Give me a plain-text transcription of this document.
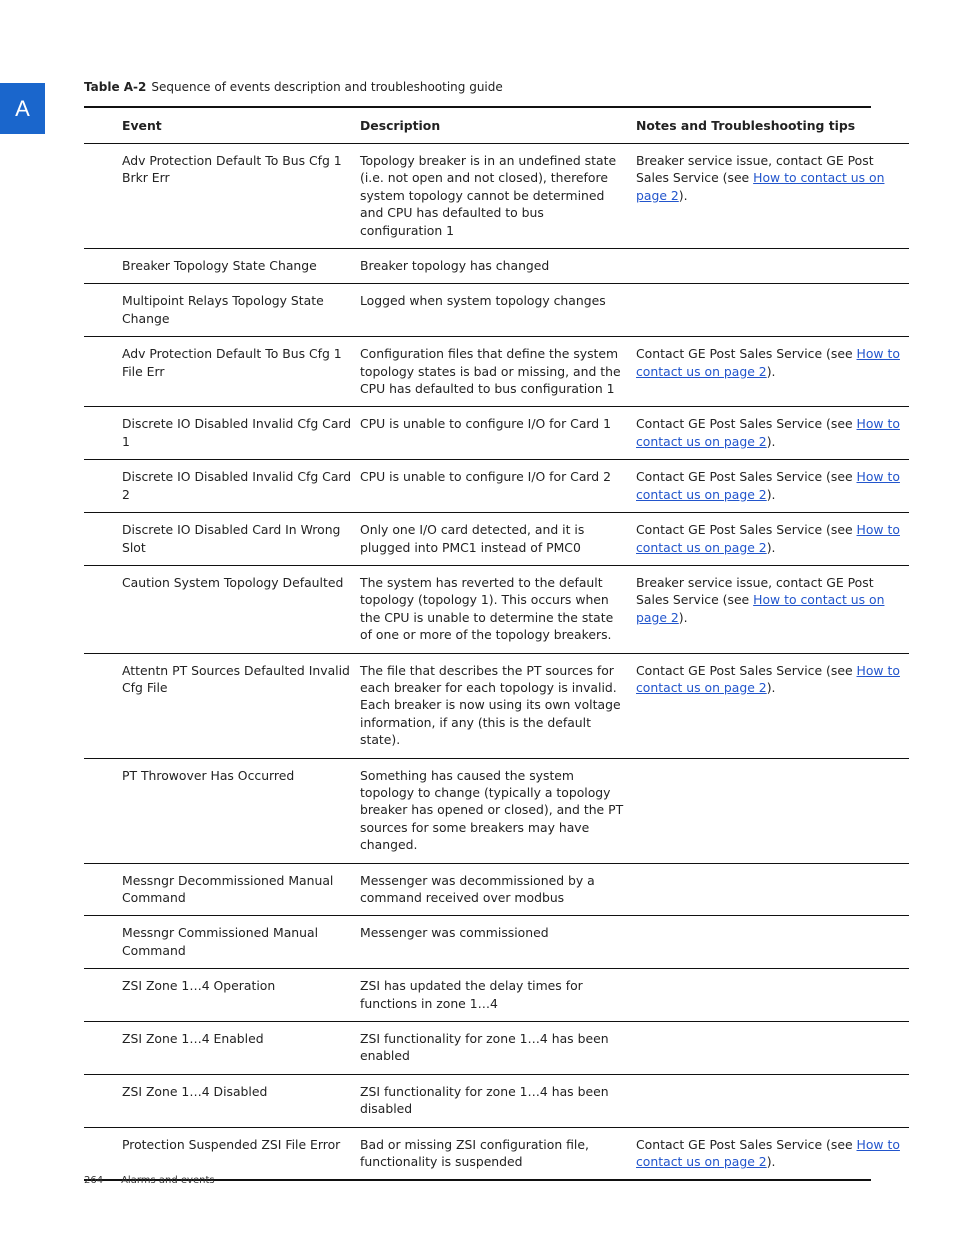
A
Table A-2 Sequence of events description and troubleshooting guide
Event	Description	Notes and Troubleshooting tips
Adv Protection Default To Bus Cfg 1 Brkr Err	Topology breaker is in an undefined state (i.e. not open and not closed), therefore system topology cannot be determined and CPU has defaulted to bus configuration 1	Breaker service issue, contact GE Post Sales Service (see How to contact us on page 2).
Breaker Topology State Change	Breaker topology has changed	
Multipoint Relays Topology State Change	Logged when system topology changes	
Adv Protection Default To Bus Cfg 1 File Err	Configuration files that define the system topology states is bad or missing, and the CPU has defaulted to bus configuration 1	Contact GE Post Sales Service (see How to contact us on page 2).
Discrete IO Disabled Invalid Cfg Card 1	CPU is unable to configure I/O for Card 1	Contact GE Post Sales Service (see How to contact us on page 2).
Discrete IO Disabled Invalid Cfg Card 2	CPU is unable to configure I/O for Card 2	Contact GE Post Sales Service (see How to contact us on page 2).
Discrete IO Disabled Card In Wrong Slot	Only one I/O card detected, and it is plugged into PMC1 instead of PMC0	Contact GE Post Sales Service (see How to contact us on page 2).
Caution System Topology Defaulted	The system has reverted to the default topology (topology 1). This occurs when the CPU is unable to determine the state of one or more of the topology breakers.	Breaker service issue, contact GE Post Sales Service (see How to contact us on page 2).
Attentn PT Sources Defaulted Invalid Cfg File	The file that describes the PT sources for each breaker for each topology is invalid. Each breaker is now using its own voltage information, if any (this is the default state).	Contact GE Post Sales Service (see How to contact us on page 2).
PT Throwover Has Occurred	Something has caused the system topology to change (typically a topology breaker has opened or closed), and the PT sources for some breakers may have changed.	
Messngr Decommissioned Manual Command	Messenger was decommissioned by a command received over modbus	
Messngr Commissioned Manual Command	Messenger was commissioned	
ZSI Zone 1…4 Operation	ZSI has updated the delay times for functions in zone 1…4	
ZSI Zone 1…4 Enabled	ZSI functionality for zone 1…4 has been enabled	
ZSI Zone 1…4 Disabled	ZSI functionality for zone 1…4 has been disabled	
Protection Suspended ZSI File Error	Bad or missing ZSI configuration file, functionality is suspended	Contact GE Post Sales Service (see How to contact us on page 2).
264 Alarms and events
